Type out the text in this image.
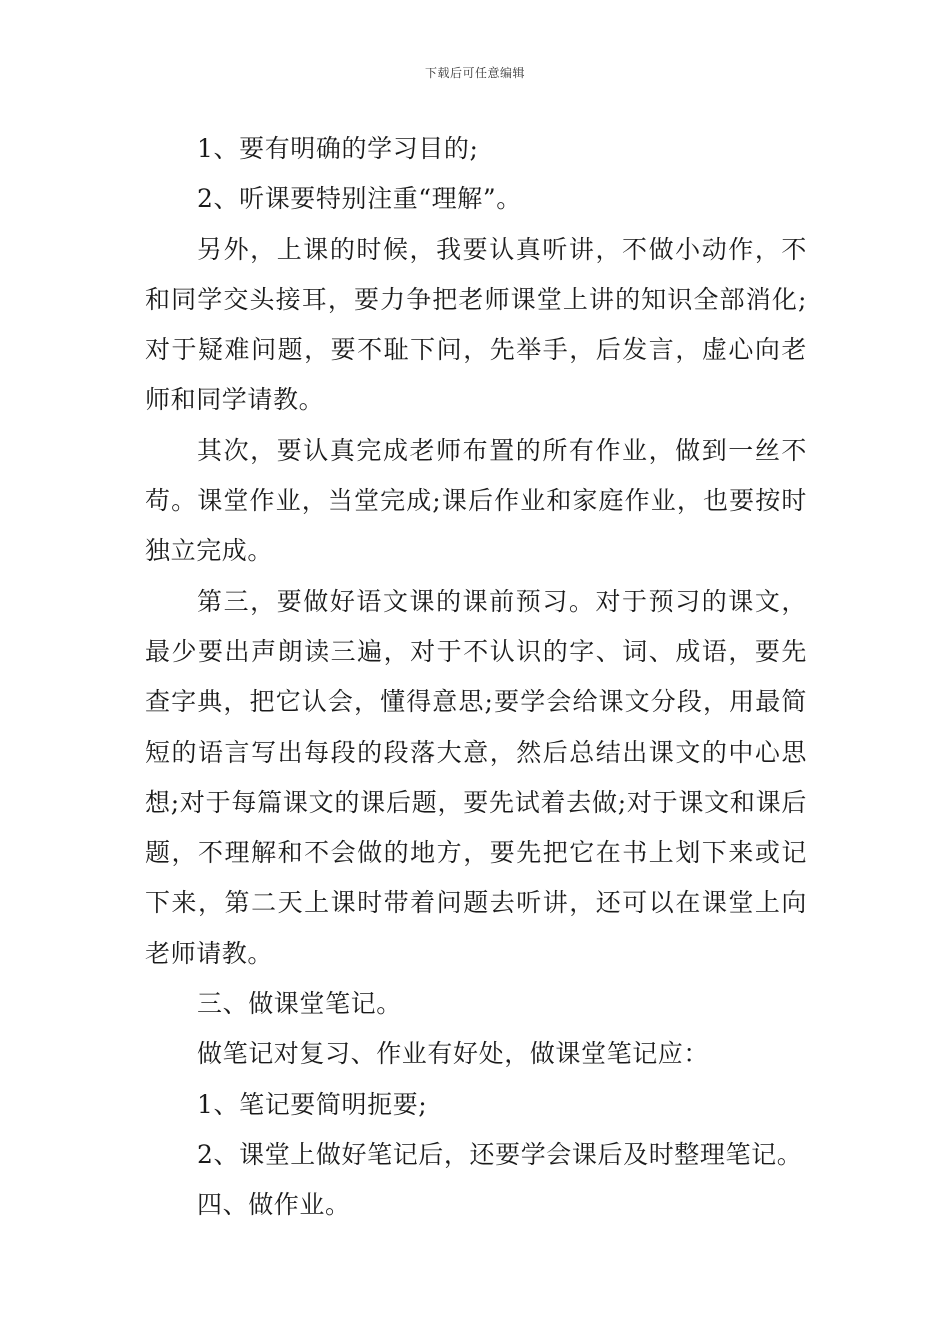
下载后可任意编辑

1、要有明确的学习目的;

2、听课要特别注重“理解”。

另外，上课的时候，我要认真听讲，不做小动作，不和同学交头接耳，要力争把老师课堂上讲的知识全部消化;对于疑难问题，要不耻下问，先举手，后发言，虚心向老师和同学请教。

其次，要认真完成老师布置的所有作业，做到一丝不苟。课堂作业，当堂完成;课后作业和家庭作业，也要按时独立完成。

第三，要做好语文课的课前预习。对于预习的课文，最少要出声朗读三遍，对于不认识的字、词、成语，要先查字典，把它认会，懂得意思;要学会给课文分段，用最简短的语言写出每段的段落大意，然后总结出课文的中心思想;对于每篇课文的课后题，要先试着去做;对于课文和课后题，不理解和不会做的地方，要先把它在书上划下来或记下来，第二天上课时带着问题去听讲，还可以在课堂上向老师请教。

三、做课堂笔记。

做笔记对复习、作业有好处，做课堂笔记应：

1、笔记要简明扼要;

2、课堂上做好笔记后，还要学会课后及时整理笔记。

四、做作业。
